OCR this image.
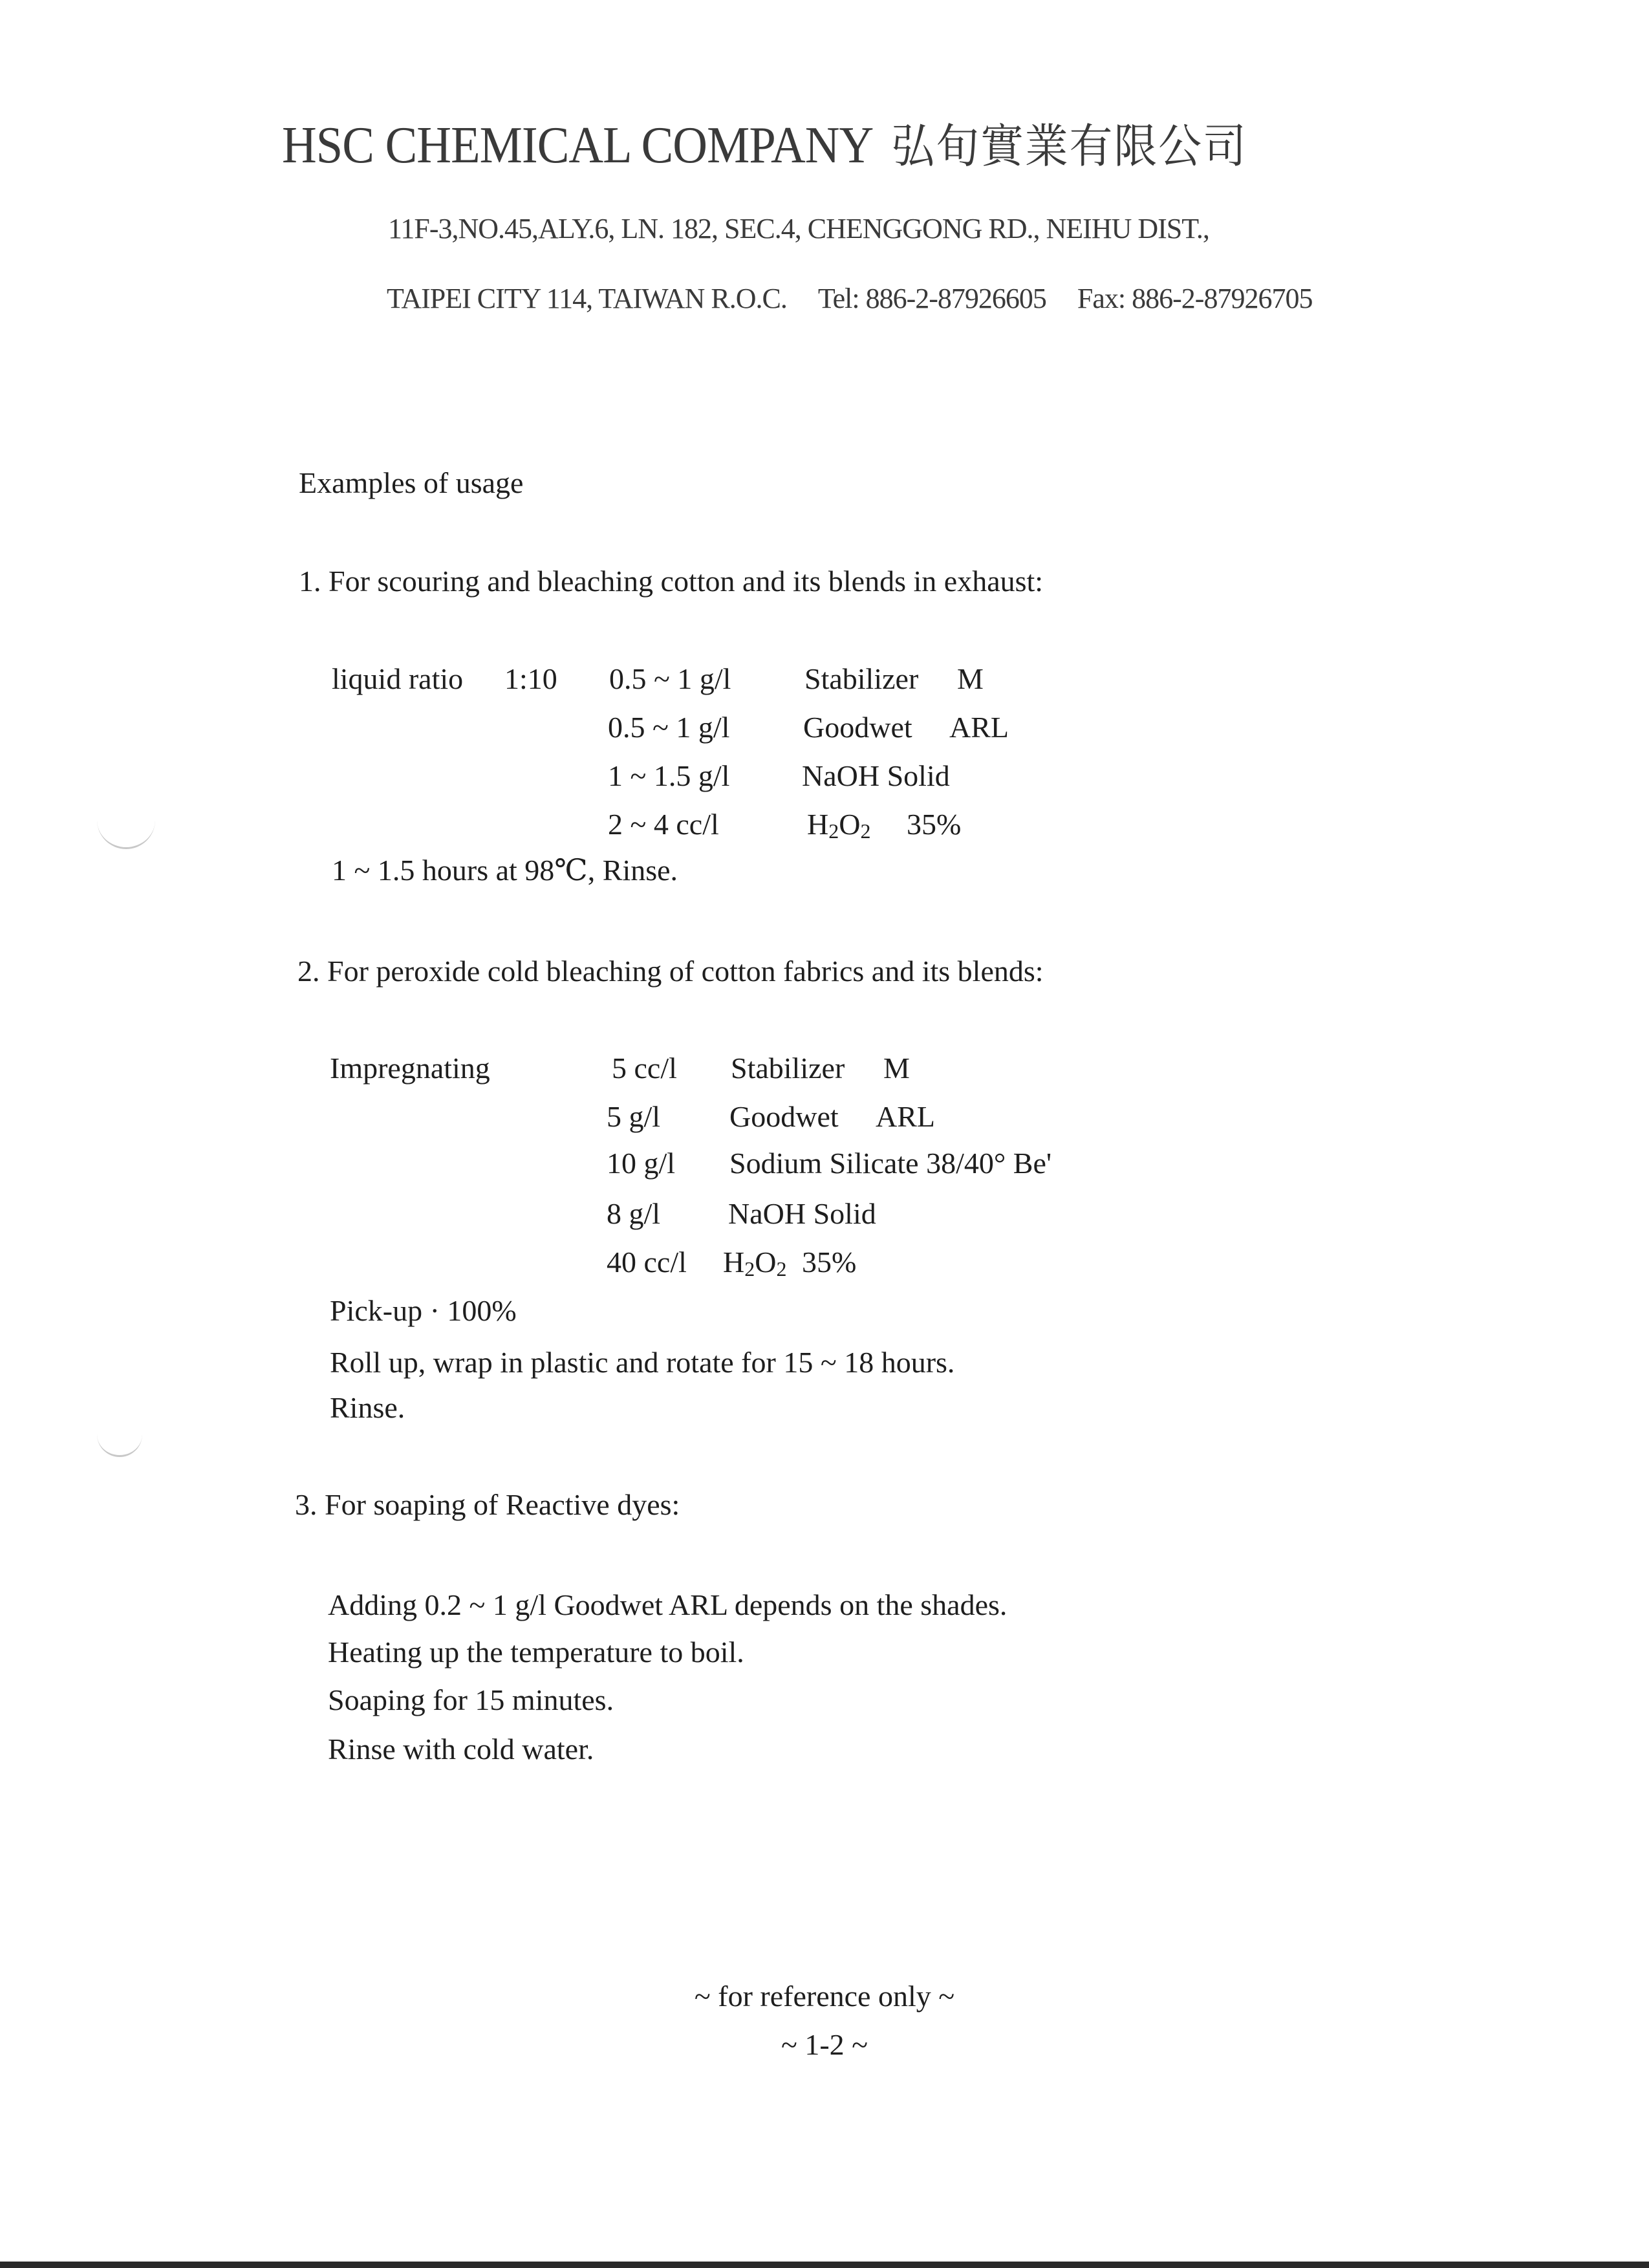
HSC CHEMICAL COMPANY 弘旬實業有限公司
11F-3,NO.45,ALY.6, LN. 182, SEC.4, CHENGGONG RD., NEIHU DIST.,
TAIPEI CITY 114, TAIWAN R.O.C. Tel: 886-2-87926605 Fax: 886-2-87926705
Examples of usage
1. For scouring and bleaching cotton and its blends in exhaust:
liquid ratio 1:10 0.5 ~ 1 g/l Stabilizer M
0.5 ~ 1 g/l Goodwet ARL
1 ~ 1.5 g/l NaOH Solid
2 ~ 4 cc/l	H2O2 35%
1 ~ 1.5 hours at 98℃, Rinse.
2. For peroxide cold bleaching of cotton fabrics and its blends:
Impregnating	5 cc/l Stabilizer M
5 g/l Goodwet ARL
10 g/l Sodium Silicate 38/40° Be'
8 g/l NaOH Solid
40 cc/l H2O2 35%
Pick-up · 100%
Roll up, wrap in plastic and rotate for 15 ~ 18 hours.
Rinse.
3. For soaping of Reactive dyes:
Adding 0.2 ~ 1 g/l Goodwet ARL depends on the shades.
Heating up the temperature to boil.
Soaping for 15 minutes.
Rinse with cold water.
~ for reference only ~
~ 1-2 ~
